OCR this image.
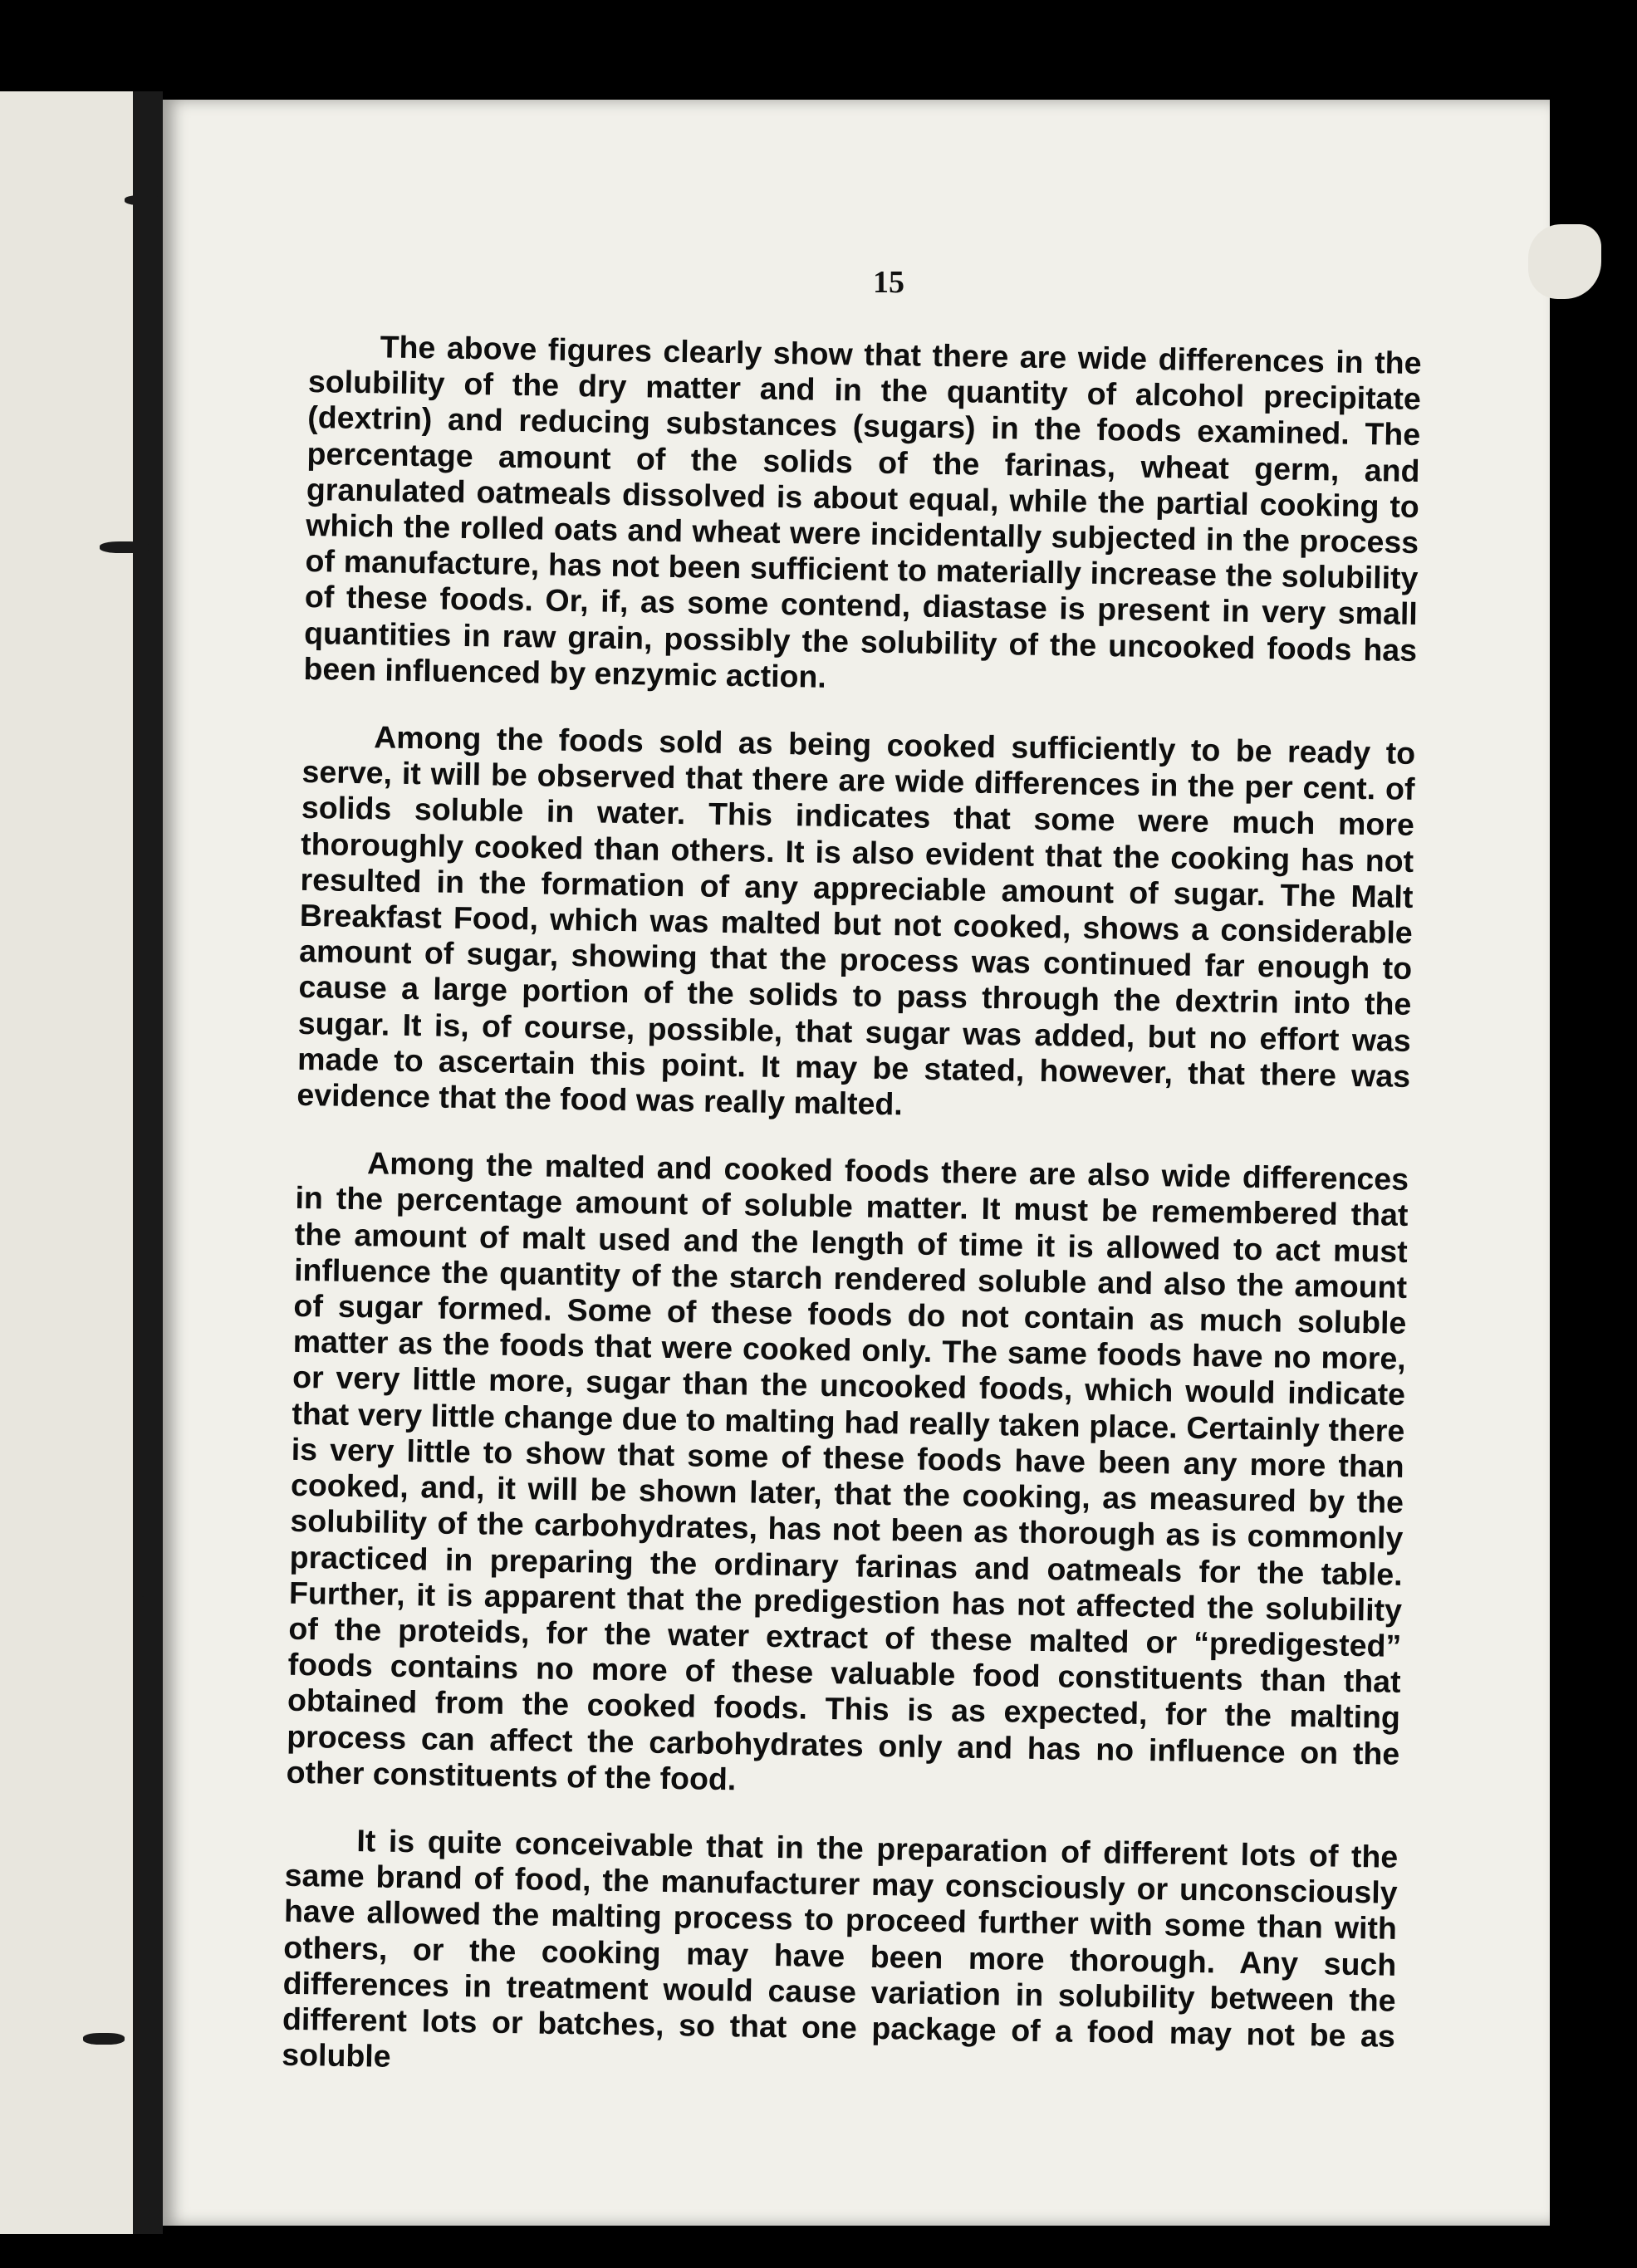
15

The above figures clearly show that there are wide differences in the solubility of the dry matter and in the quantity of alcohol precipitate (dextrin) and reducing substances (sugars) in the foods examined. The percentage amount of the solids of the farinas, wheat germ, and granulated oatmeals dissolved is about equal, while the partial cooking to which the rolled oats and wheat were incidentally subjected in the process of manufacture, has not been sufficient to materially increase the solubility of these foods. Or, if, as some contend, diastase is present in very small quantities in raw grain, possibly the solubility of the uncooked foods has been influenced by enzymic action.

Among the foods sold as being cooked sufficiently to be ready to serve, it will be observed that there are wide differences in the per cent. of solids soluble in water. This indicates that some were much more thoroughly cooked than others. It is also evident that the cooking has not resulted in the formation of any appreciable amount of sugar. The Malt Breakfast Food, which was malted but not cooked, shows a considerable amount of sugar, showing that the process was continued far enough to cause a large portion of the solids to pass through the dextrin into the sugar. It is, of course, possible, that sugar was added, but no effort was made to ascertain this point. It may be stated, however, that there was evidence that the food was really malted.

Among the malted and cooked foods there are also wide differences in the percentage amount of soluble matter. It must be remembered that the amount of malt used and the length of time it is allowed to act must influence the quantity of the starch rendered soluble and also the amount of sugar formed. Some of these foods do not contain as much soluble matter as the foods that were cooked only. The same foods have no more, or very little more, sugar than the uncooked foods, which would indicate that very little change due to malting had really taken place. Certainly there is very little to show that some of these foods have been any more than cooked, and, it will be shown later, that the cooking, as measured by the solubility of the carbohydrates, has not been as thorough as is commonly practiced in preparing the ordinary farinas and oatmeals for the table. Further, it is apparent that the predigestion has not affected the solubility of the proteids, for the water extract of these malted or “predigested” foods contains no more of these valuable food constituents than that obtained from the cooked foods. This is as expected, for the malting process can affect the carbohydrates only and has no influence on the other constituents of the food.

It is quite conceivable that in the preparation of different lots of the same brand of food, the manufacturer may consciously or unconsciously have allowed the malting process to proceed further with some than with others, or the cooking may have been more thorough. Any such differences in treatment would cause variation in solubility between the different lots or batches, so that one package of a food may not be as soluble
